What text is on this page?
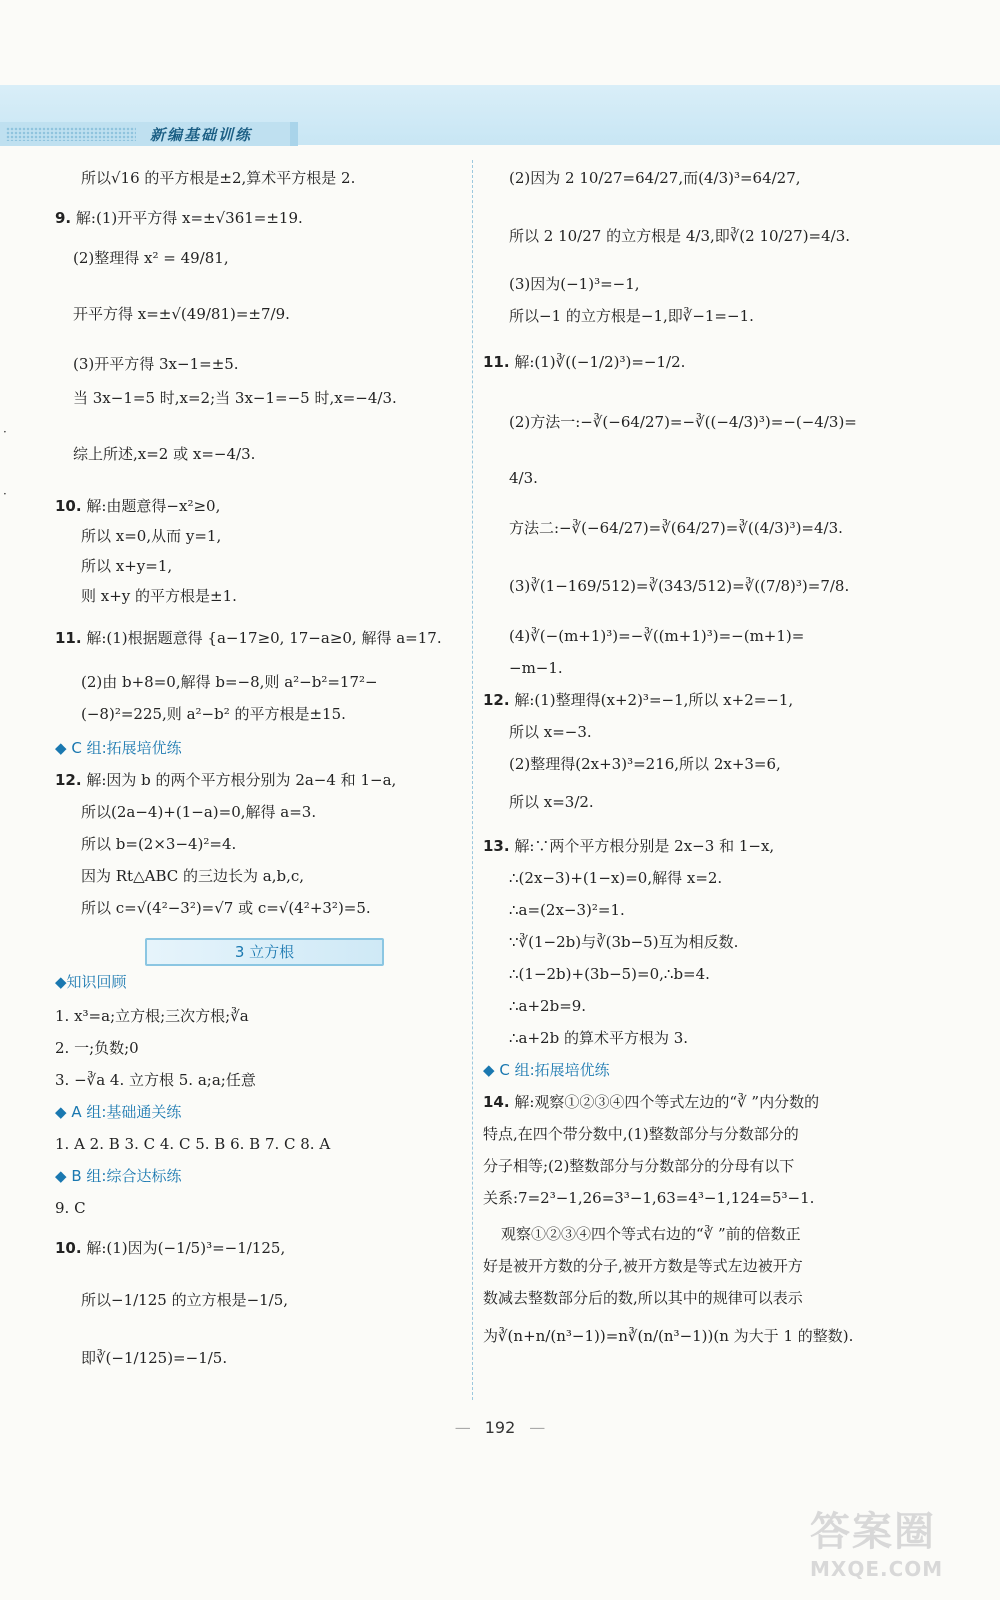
新编基础训练
·
·
所以√16 的平方根是±2,算术平方根是 2.
9. 解:(1)开平方得 x=±√361=±19.
(2)整理得 x² = 49/81,
开平方得 x=±√(49/81)=±7/9.
(3)开平方得 3x−1=±5.
当 3x−1=5 时,x=2;当 3x−1=−5 时,x=−4/3.
综上所述,x=2 或 x=−4/3.
10. 解:由题意得−x²≥0,
所以 x=0,从而 y=1,
所以 x+y=1,
则 x+y 的平方根是±1.
11. 解:(1)根据题意得 {a−17≥0, 17−a≥0, 解得 a=17.
(2)由 b+8=0,解得 b=−8,则 a²−b²=17²−
(−8)²=225,则 a²−b² 的平方根是±15.
◆ C 组:拓展培优练
12. 解:因为 b 的两个平方根分别为 2a−4 和 1−a,
所以(2a−4)+(1−a)=0,解得 a=3.
所以 b=(2×3−4)²=4.
因为 Rt△ABC 的三边长为 a,b,c,
所以 c=√(4²−3²)=√7 或 c=√(4²+3²)=5.
3 立方根
◆知识回顾
1. x³=a;立方根;三次方根;∛a
2. 一;负数;0
3. −∛a 4. 立方根 5. a;a;任意
◆ A 组:基础通关练
1. A 2. B 3. C 4. C 5. B 6. B 7. C 8. A
◆ B 组:综合达标练
9. C
10. 解:(1)因为(−1/5)³=−1/125,
所以−1/125 的立方根是−1/5,
即∛(−1/125)=−1/5.
(2)因为 2 10/27=64/27,而(4/3)³=64/27,
所以 2 10/27 的立方根是 4/3,即∛(2 10/27)=4/3.
(3)因为(−1)³=−1,
所以−1 的立方根是−1,即∛−1=−1.
11. 解:(1)∛((−1/2)³)=−1/2.
(2)方法一:−∛(−64/27)=−∛((−4/3)³)=−(−4/3)=
4/3.
方法二:−∛(−64/27)=∛(64/27)=∛((4/3)³)=4/3.
(3)∛(1−169/512)=∛(343/512)=∛((7/8)³)=7/8.
(4)∛(−(m+1)³)=−∛((m+1)³)=−(m+1)=
−m−1.
12. 解:(1)整理得(x+2)³=−1,所以 x+2=−1,
所以 x=−3.
(2)整理得(2x+3)³=216,所以 2x+3=6,
所以 x=3/2.
13. 解:∵两个平方根分别是 2x−3 和 1−x,
∴(2x−3)+(1−x)=0,解得 x=2.
∴a=(2x−3)²=1.
∵∛(1−2b)与∛(3b−5)互为相反数.
∴(1−2b)+(3b−5)=0,∴b=4.
∴a+2b=9.
∴a+2b 的算术平方根为 3.
◆ C 组:拓展培优练
14. 解:观察①②③④四个等式左边的“∛ ”内分数的
特点,在四个带分数中,(1)整数部分与分数部分的
分子相等;(2)整数部分与分数部分的分母有以下
关系:7=2³−1,26=3³−1,63=4³−1,124=5³−1.
观察①②③④四个等式右边的“∛ ”前的倍数正
好是被开方数的分子,被开方数是等式左边被开方
数减去整数部分后的数,所以其中的规律可以表示
为∛(n+n/(n³−1))=n∛(n/(n³−1))(n 为大于 1 的整数).
— 192 —
答案圈
MXQE.COM
